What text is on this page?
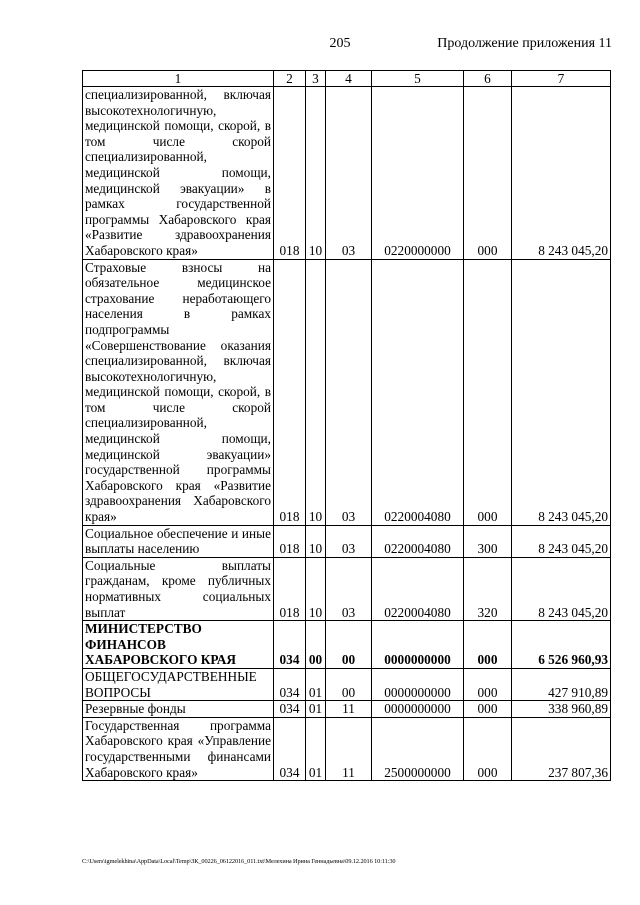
205	Продолжение приложения 11
1	2	3	4	5	6	7
специализированной, включая высокотехнологичную, медицинской помощи, скорой, в том числе скорой специализированной, медицинской помощи, медицинской эвакуации» в рамках государственной программы Хабаровского края «Развитие здравоохранения Хабаровского края»	018	10	03	0220000000	000	8 243 045,20
Страховые взносы на обязательное медицинское страхование неработающего населения в рамках подпрограммы «Совершенствование оказания специализированной, включая высокотехнологичную, медицинской помощи, скорой, в том числе скорой специализированной, медицинской помощи, медицинской эвакуации» государственной программы Хабаровского края «Развитие здравоохранения Хабаровского края»	018	10	03	0220004080	000	8 243 045,20
Социальное обеспечение и иные выплаты населению	018	10	03	0220004080	300	8 243 045,20
Социальные выплаты гражданам, кроме публичных нормативных социальных выплат	018	10	03	0220004080	320	8 243 045,20
МИНИСТЕРСТВО ФИНАНСОВ ХАБАРОВСКОГО КРАЯ	034	00	00	0000000000	000	6 526 960,93
ОБЩЕГОСУДАРСТВЕННЫЕ ВОПРОСЫ	034	01	00	0000000000	000	427 910,89
Резервные фонды	034	01	11	0000000000	000	338 960,89
Государственная программа Хабаровского края «Управление государственными финансами Хабаровского края»	034	01	11	2500000000	000	237 807,36
C:\Users\igmelekhina\AppData\Local\Temp\ЗК_00226_06122016_011.txt\Мелехина Ирина Геннадьевна\09.12.2016 10:11:30
